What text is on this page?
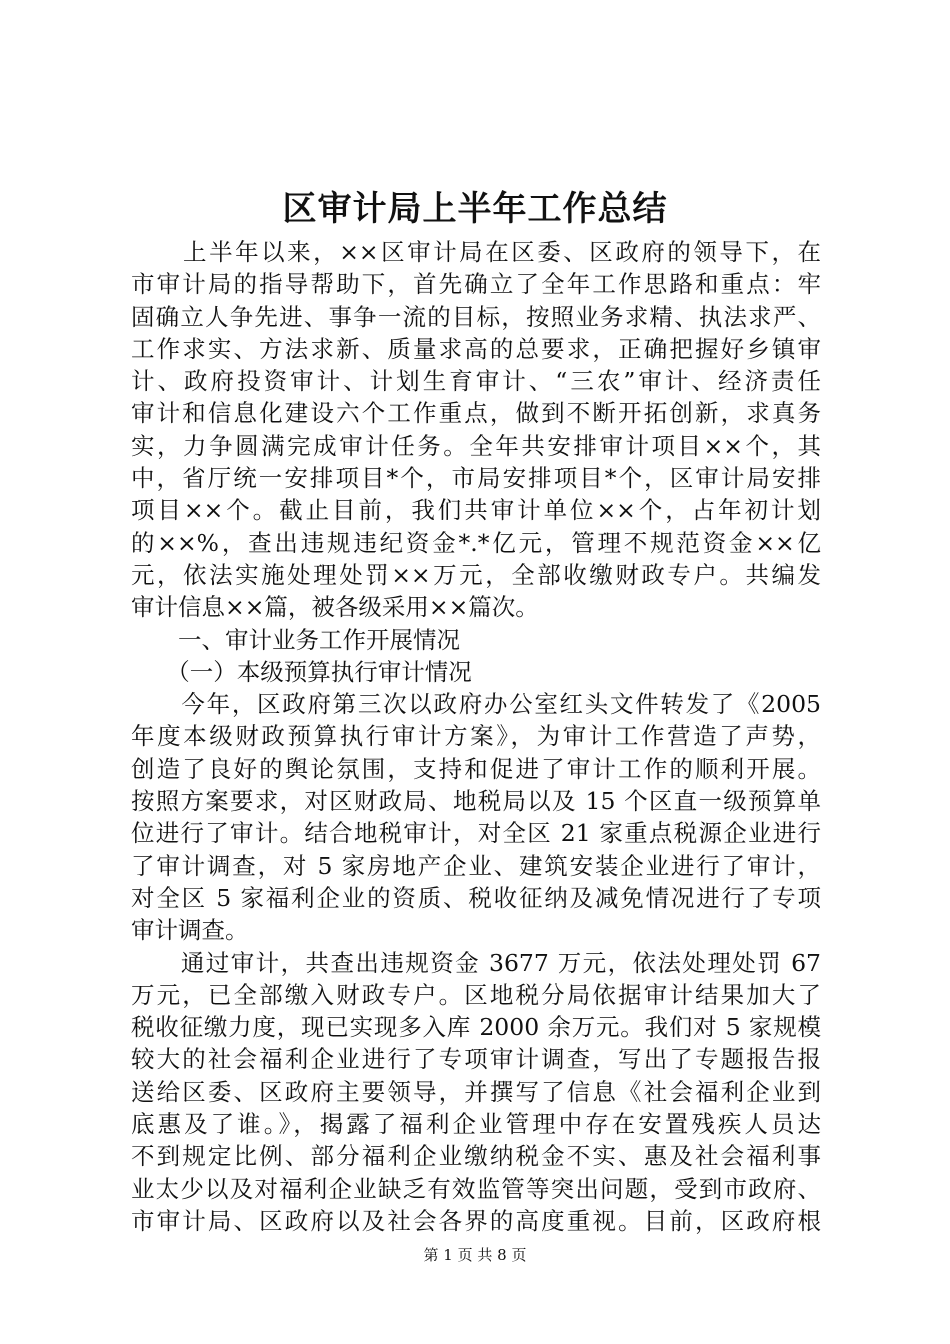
区审计局上半年工作总结
　　上半年以来，××区审计局在区委、区政府的领导下，在
市审计局的指导帮助下，首先确立了全年工作思路和重点：牢
固确立人争先进、事争一流的目标，按照业务求精、执法求严、
工作求实、方法求新、质量求高的总要求，正确把握好乡镇审
计、政府投资审计、计划生育审计、“三农”审计、经济责任
审计和信息化建设六个工作重点，做到不断开拓创新，求真务
实，力争圆满完成审计任务。全年共安排审计项目××个，其
中，省厅统一安排项目*个，市局安排项目*个，区审计局安排
项目××个。截止目前，我们共审计单位××个，占年初计划
的××%，查出违规违纪资金*.*亿元，管理不规范资金××亿
元，依法实施处理处罚××万元，全部收缴财政专户。共编发
审计信息××篇，被各级采用××篇次。
　　一、审计业务工作开展情况
　　（一）本级预算执行审计情况
　　今年，区政府第三次以政府办公室红头文件转发了《2005
年度本级财政预算执行审计方案》，为审计工作营造了声势，
创造了良好的舆论氛围，支持和促进了审计工作的顺利开展。
按照方案要求，对区财政局、地税局以及 15 个区直一级预算单
位进行了审计。结合地税审计，对全区 21 家重点税源企业进行
了审计调查，对 5 家房地产企业、建筑安装企业进行了审计，
对全区 5 家福利企业的资质、税收征纳及减免情况进行了专项
审计调查。
　　通过审计，共查出违规资金 3677 万元，依法处理处罚 67
万元，已全部缴入财政专户。区地税分局依据审计结果加大了
税收征缴力度，现已实现多入库 2000 余万元。我们对 5 家规模
较大的社会福利企业进行了专项审计调查，写出了专题报告报
送给区委、区政府主要领导，并撰写了信息《社会福利企业到
底惠及了谁。》，揭露了福利企业管理中存在安置残疾人员达
不到规定比例、部分福利企业缴纳税金不实、惠及社会福利事
业太少以及对福利企业缺乏有效监管等突出问题，受到市政府、
市审计局、区政府以及社会各界的高度重视。目前，区政府根
第 1 页 共 8 页
